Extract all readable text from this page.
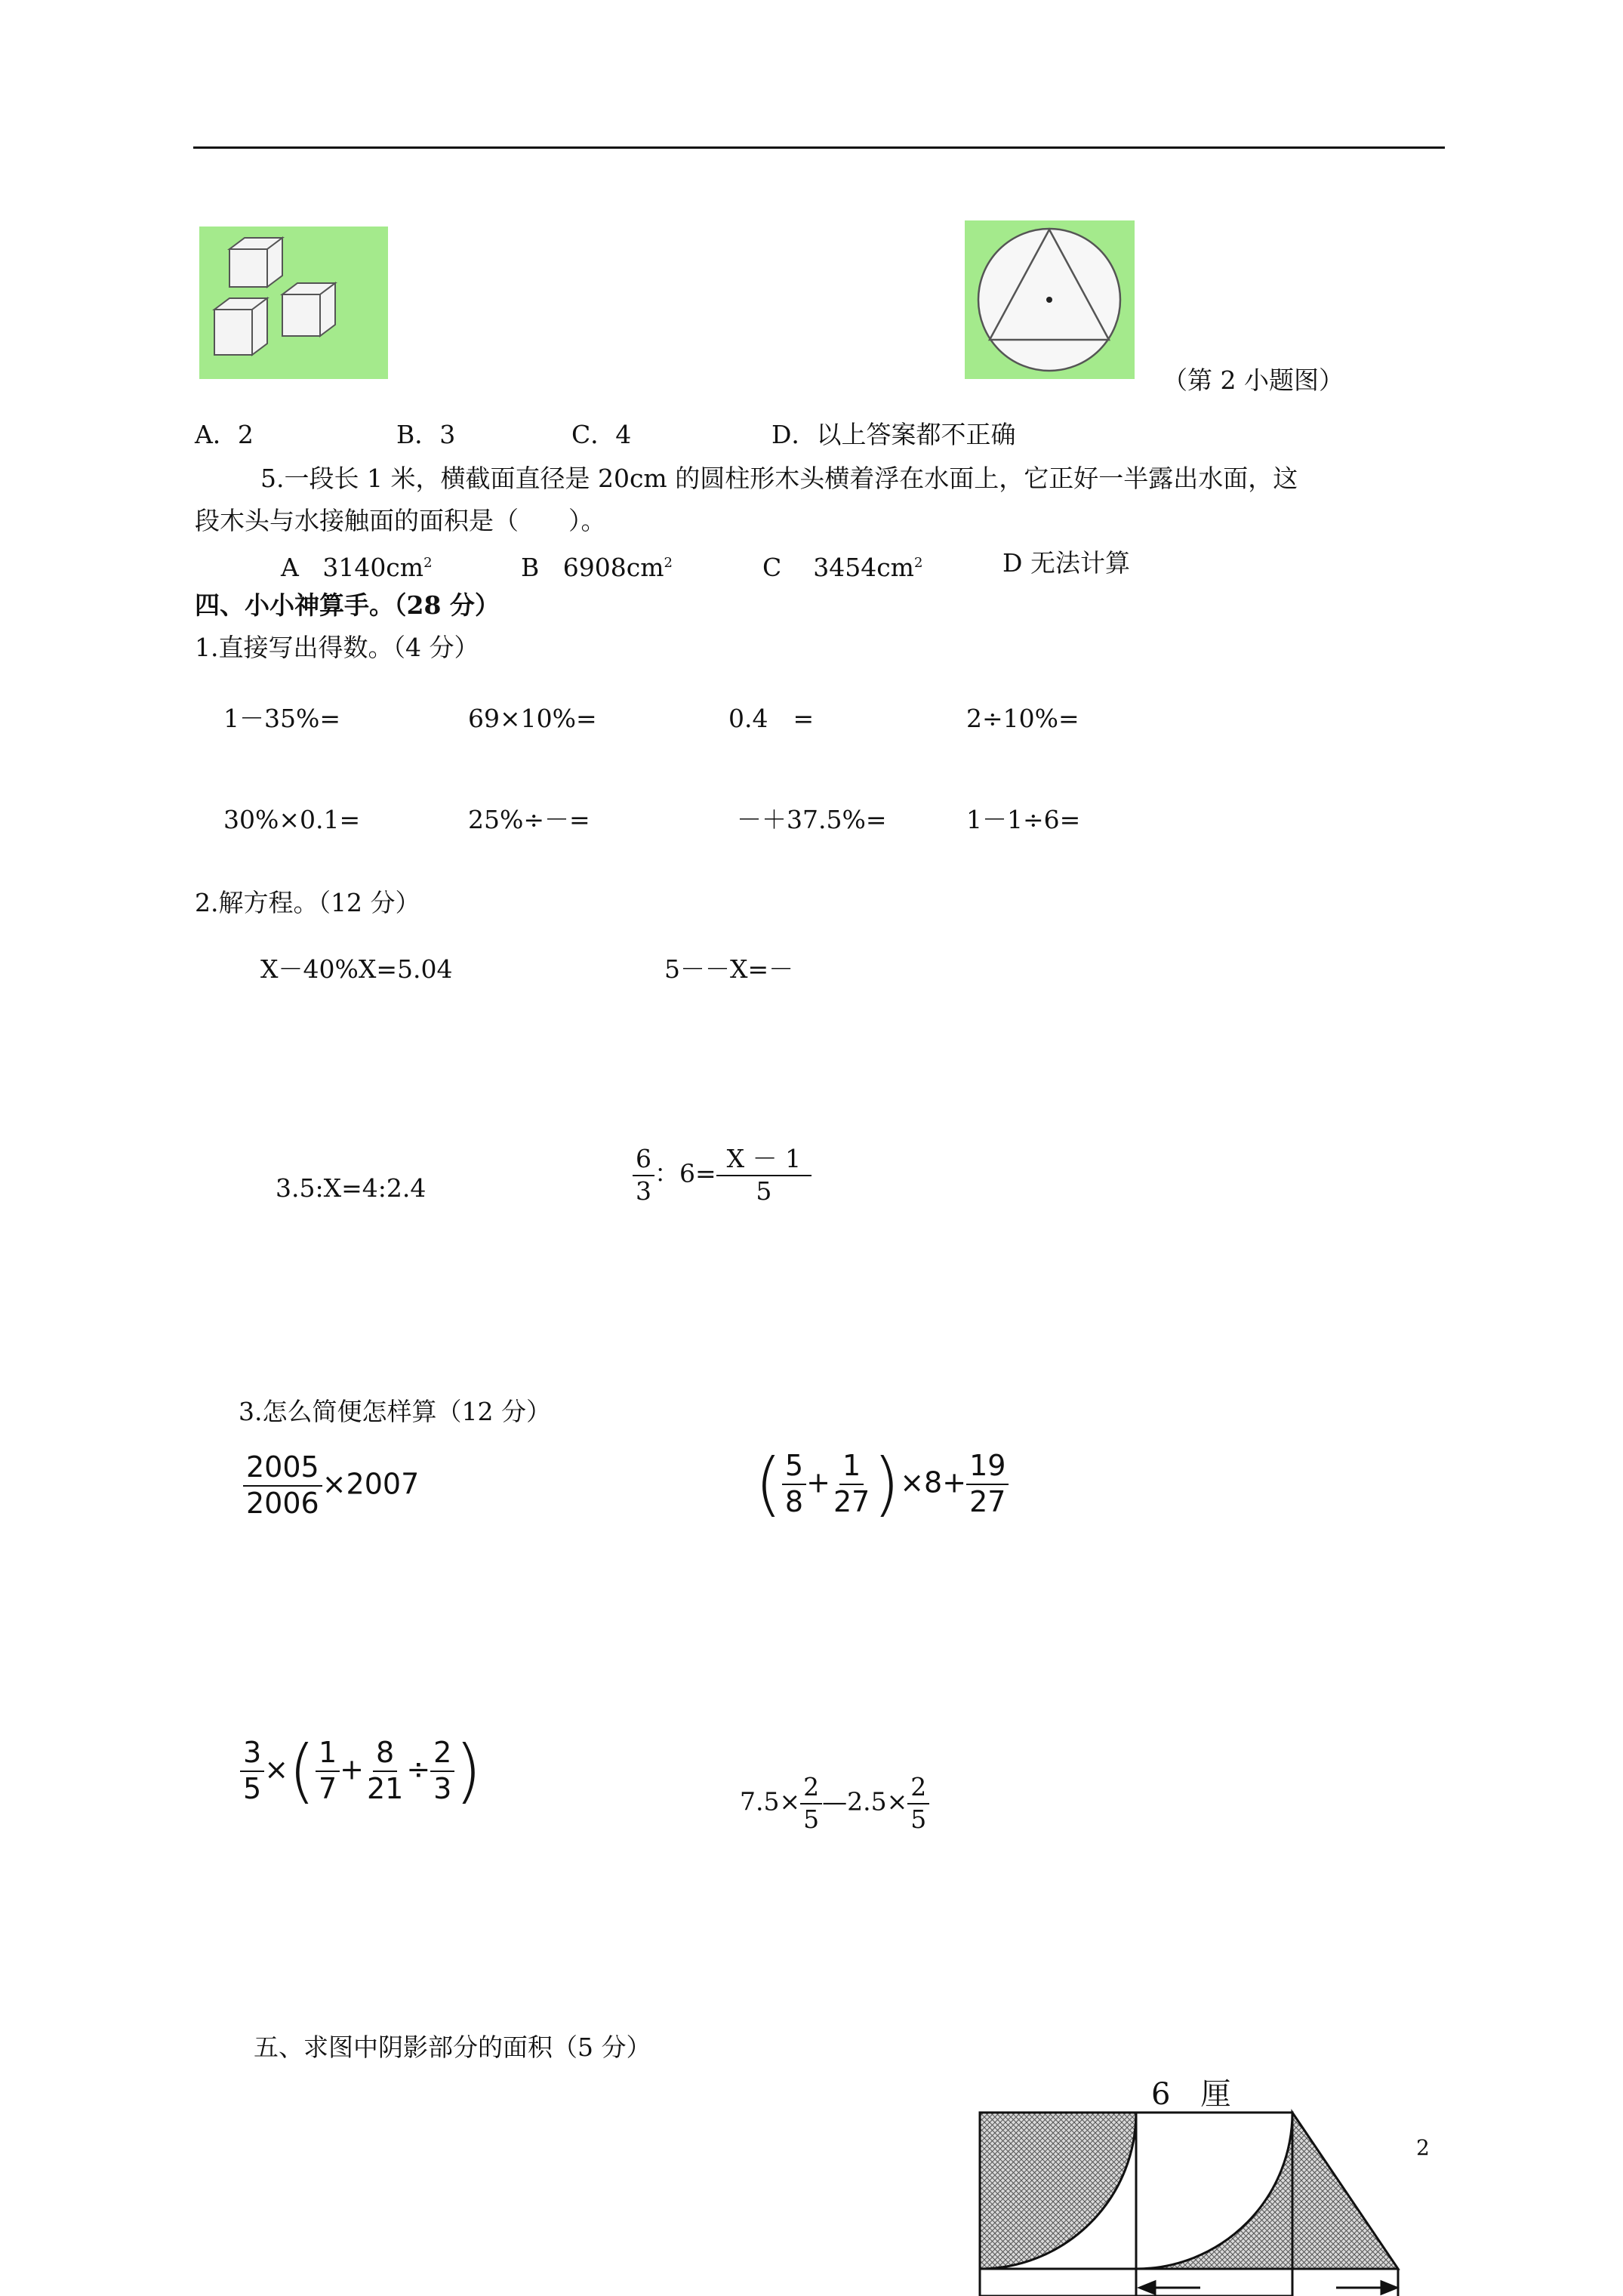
（第 2 小题图）
A．2	B．3	C．4	D．以上答案都不正确
5.一段长 1 米，横截面直径是 20cm 的圆柱形木头横着浮在水面上，它正好一半露出水面，这
段木头与水接触面的面积是（　　）。
A $3140cm^2$	B $6908cm^2$	C $3454cm^2$	D 无法计算
四、小小神算手。（28 分）
1.直接写出得数。（4 分）
1－35%=	69×10%=	0.4　=	2÷10%=
30%×0.1=	25%÷－=	－＋37.5%=	1－1÷6=
2.解方程。（12 分）
X－40%X=5.04	5－－X=－
3.5:X=4:2.4	$\frac{6}{3}$ ：$6= \frac{X - 1}{5}$
3.怎么简便怎样算（12 分）
$\frac{2005}{2006} \times 2007$	( $\frac{5}{8} + \frac{1}{27} )\times 8+ \frac{19}{27}$
$\frac{3}{5}$ ×( $\frac{1}{7} + \frac{8}{21} \div \frac{2}{3}$ )	$7.5\times \frac{2}{5}$ —2.5× $\frac{2}{5}$
五、求图中阴影部分的面积（5 分）
6　厘
2
